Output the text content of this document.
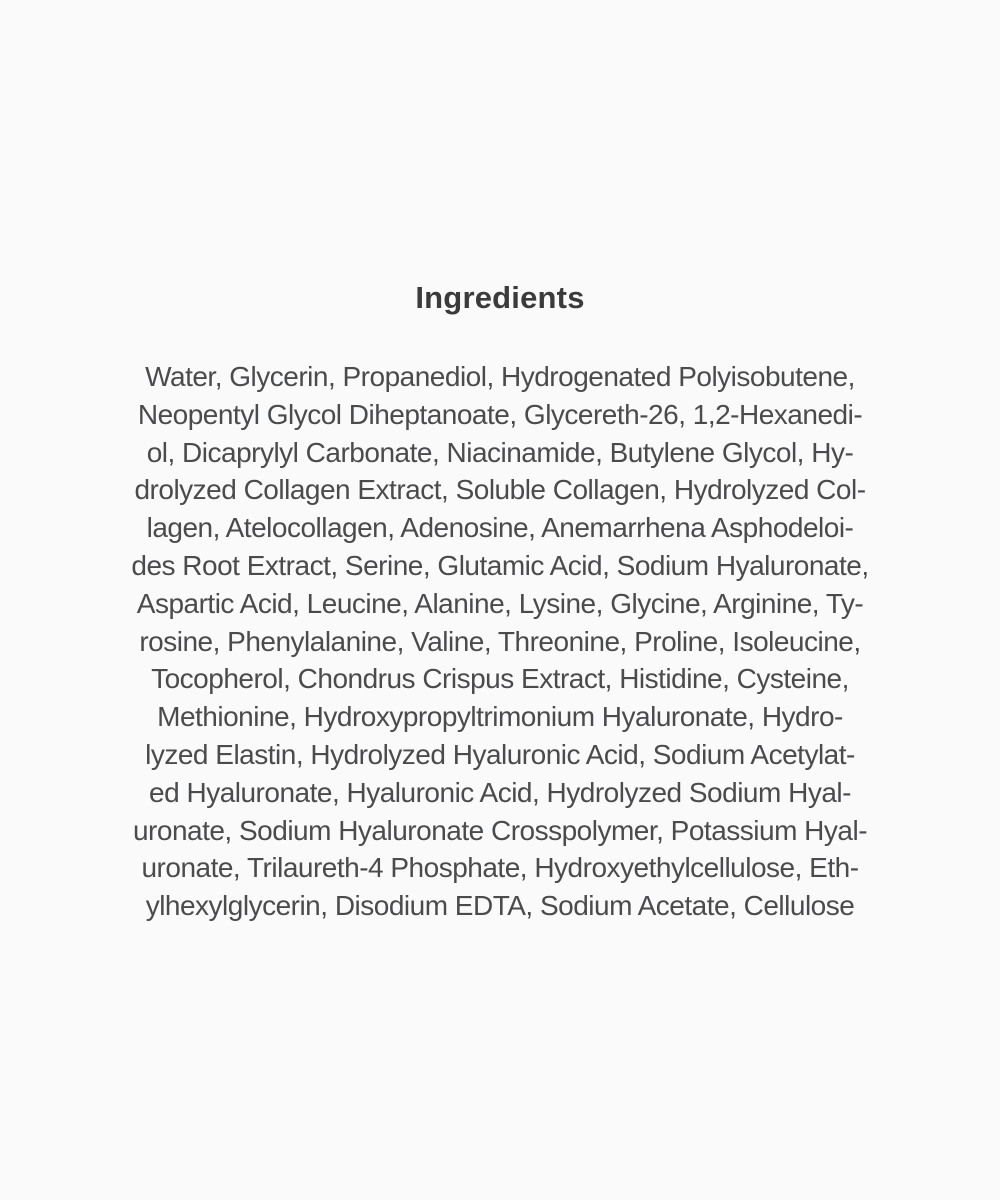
Ingredients
Water, Glycerin, Propanediol, Hydrogenated Polyisobutene,
Neopentyl Glycol Diheptanoate, Glycereth-26, 1,2-Hexanedi-
ol, Dicaprylyl Carbonate, Niacinamide, Butylene Glycol, Hy-
drolyzed Collagen Extract, Soluble Collagen, Hydrolyzed Col-
lagen, Atelocollagen, Adenosine, Anemarrhena Asphodeloi-
des Root Extract, Serine, Glutamic Acid, Sodium Hyaluronate,
Aspartic Acid, Leucine, Alanine, Lysine, Glycine, Arginine, Ty-
rosine, Phenylalanine, Valine, Threonine, Proline, Isoleucine,
Tocopherol, Chondrus Crispus Extract, Histidine, Cysteine,
Methionine, Hydroxypropyltrimonium Hyaluronate, Hydro-
lyzed Elastin, Hydrolyzed Hyaluronic Acid, Sodium Acetylat-
ed Hyaluronate, Hyaluronic Acid, Hydrolyzed Sodium Hyal-
uronate, Sodium Hyaluronate Crosspolymer, Potassium Hyal-
uronate, Trilaureth-4 Phosphate, Hydroxyethylcellulose, Eth-
ylhexylglycerin, Disodium EDTA, Sodium Acetate, Cellulose
